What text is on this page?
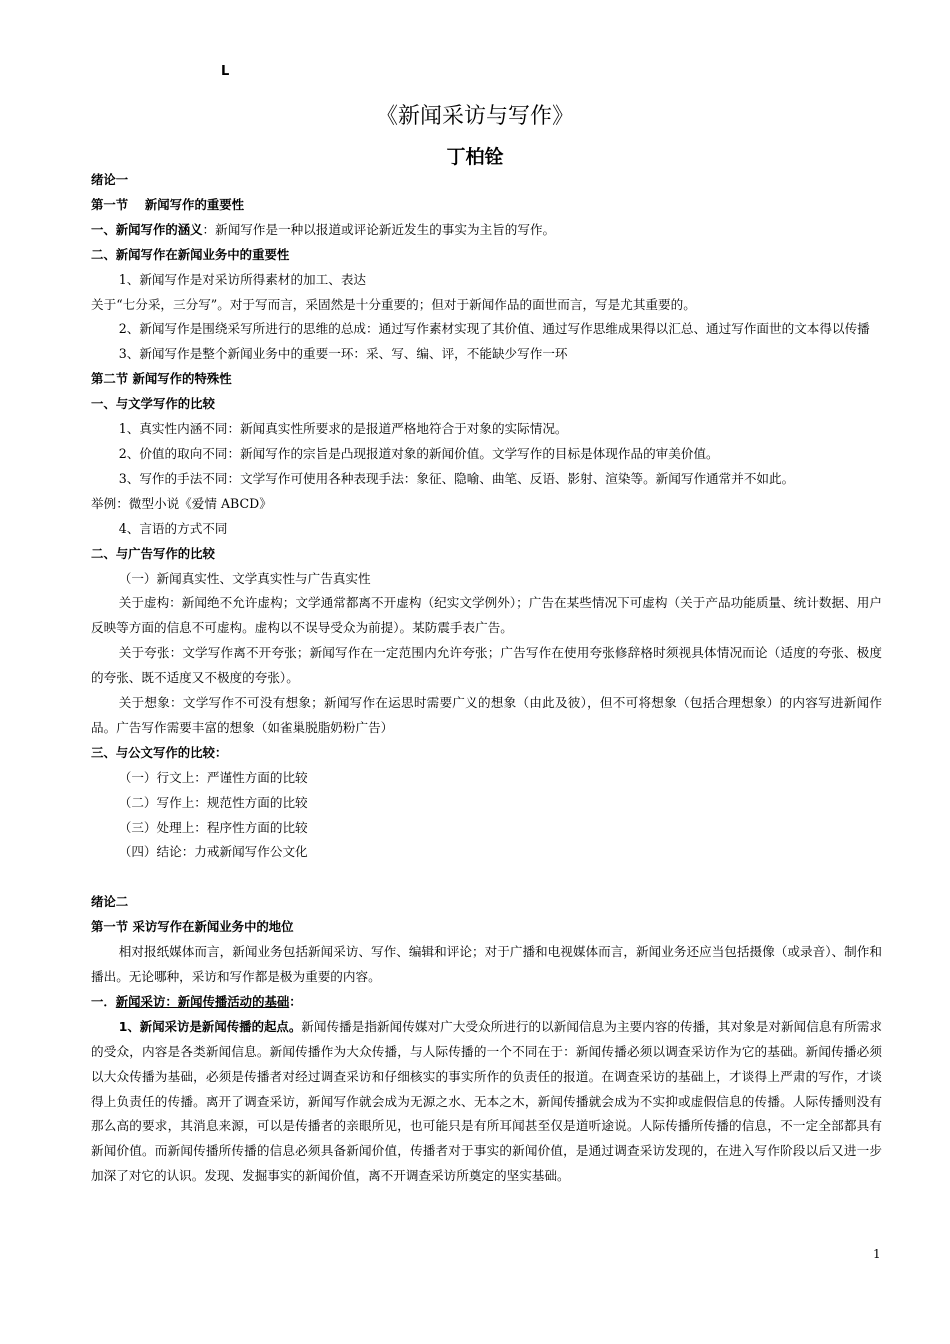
L
《新闻采访与写作》
丁柏铨

绪论一

第一节　 新闻写作的重要性

一、新闻写作的涵义：新闻写作是一种以报道或评论新近发生的事实为主旨的写作。

二、新闻写作在新闻业务中的重要性

1、新闻写作是对采访所得素材的加工、表达

关于“七分采，三分写”。对于写而言，采固然是十分重要的；但对于新闻作品的面世而言，写是尤其重要的。

2、新闻写作是围绕采写所进行的思维的总成：通过写作素材实现了其价值、通过写作思维成果得以汇总、通过写作面世的文本得以传播

3、新闻写作是整个新闻业务中的重要一环：采、写、编、评，不能缺少写作一环

第二节 新闻写作的特殊性

一、与文学写作的比较

1、真实性内涵不同：新闻真实性所要求的是报道严格地符合于对象的实际情况。

2、价值的取向不同：新闻写作的宗旨是凸现报道对象的新闻价值。文学写作的目标是体现作品的审美价值。

3、写作的手法不同：文学写作可使用各种表现手法：象征、隐喻、曲笔、反语、影射、渲染等。新闻写作通常并不如此。

举例：微型小说《爱情 ABCD》

4、言语的方式不同

二、与广告写作的比较

（一）新闻真实性、文学真实性与广告真实性

关于虚构：新闻绝不允许虚构；文学通常都离不开虚构（纪实文学例外）；广告在某些情况下可虚构（关于产品功能质量、统计数据、用户反映等方面的信息不可虚构。虚构以不误导受众为前提）。某防震手表广告。

关于夸张：文学写作离不开夸张；新闻写作在一定范围内允许夸张；广告写作在使用夸张修辞格时须视具体情况而论（适度的夸张、极度的夸张、既不适度又不极度的夸张）。

关于想象：文学写作不可没有想象；新闻写作在运思时需要广义的想象（由此及彼），但不可将想象（包括合理想象）的内容写进新闻作品。广告写作需要丰富的想象（如雀巢脱脂奶粉广告）

三、与公文写作的比较：

（一）行文上：严谨性方面的比较

（二）写作上：规范性方面的比较

（三）处理上：程序性方面的比较

（四）结论：力戒新闻写作公文化

绪论二

第一节 采访写作在新闻业务中的地位

相对报纸媒体而言，新闻业务包括新闻采访、写作、编辑和评论；对于广播和电视媒体而言，新闻业务还应当包括摄像（或录音）、制作和播出。无论哪种，采访和写作都是极为重要的内容。

一．新闻采访：新闻传播活动的基础：

1、新闻采访是新闻传播的起点。新闻传播是指新闻传媒对广大受众所进行的以新闻信息为主要内容的传播，其对象是对新闻信息有所需求的受众，内容是各类新闻信息。新闻传播作为大众传播，与人际传播的一个不同在于：新闻传播必须以调查采访作为它的基础。新闻传播必须以大众传播为基础，必须是传播者对经过调查采访和仔细核实的事实所作的负责任的报道。在调查采访的基础上，才谈得上严肃的写作，才谈得上负责任的传播。离开了调查采访，新闻写作就会成为无源之水、无本之木，新闻传播就会成为不实抑或虚假信息的传播。人际传播则没有那么高的要求，其消息来源，可以是传播者的亲眼所见，也可能只是有所耳闻甚至仅是道听途说。人际传播所传播的信息，不一定全部都具有新闻价值。而新闻传播所传播的信息必须具备新闻价值，传播者对于事实的新闻价值，是通过调查采访发现的，在进入写作阶段以后又进一步加深了对它的认识。发现、发掘事实的新闻价值，离不开调查采访所奠定的坚实基础。

1
